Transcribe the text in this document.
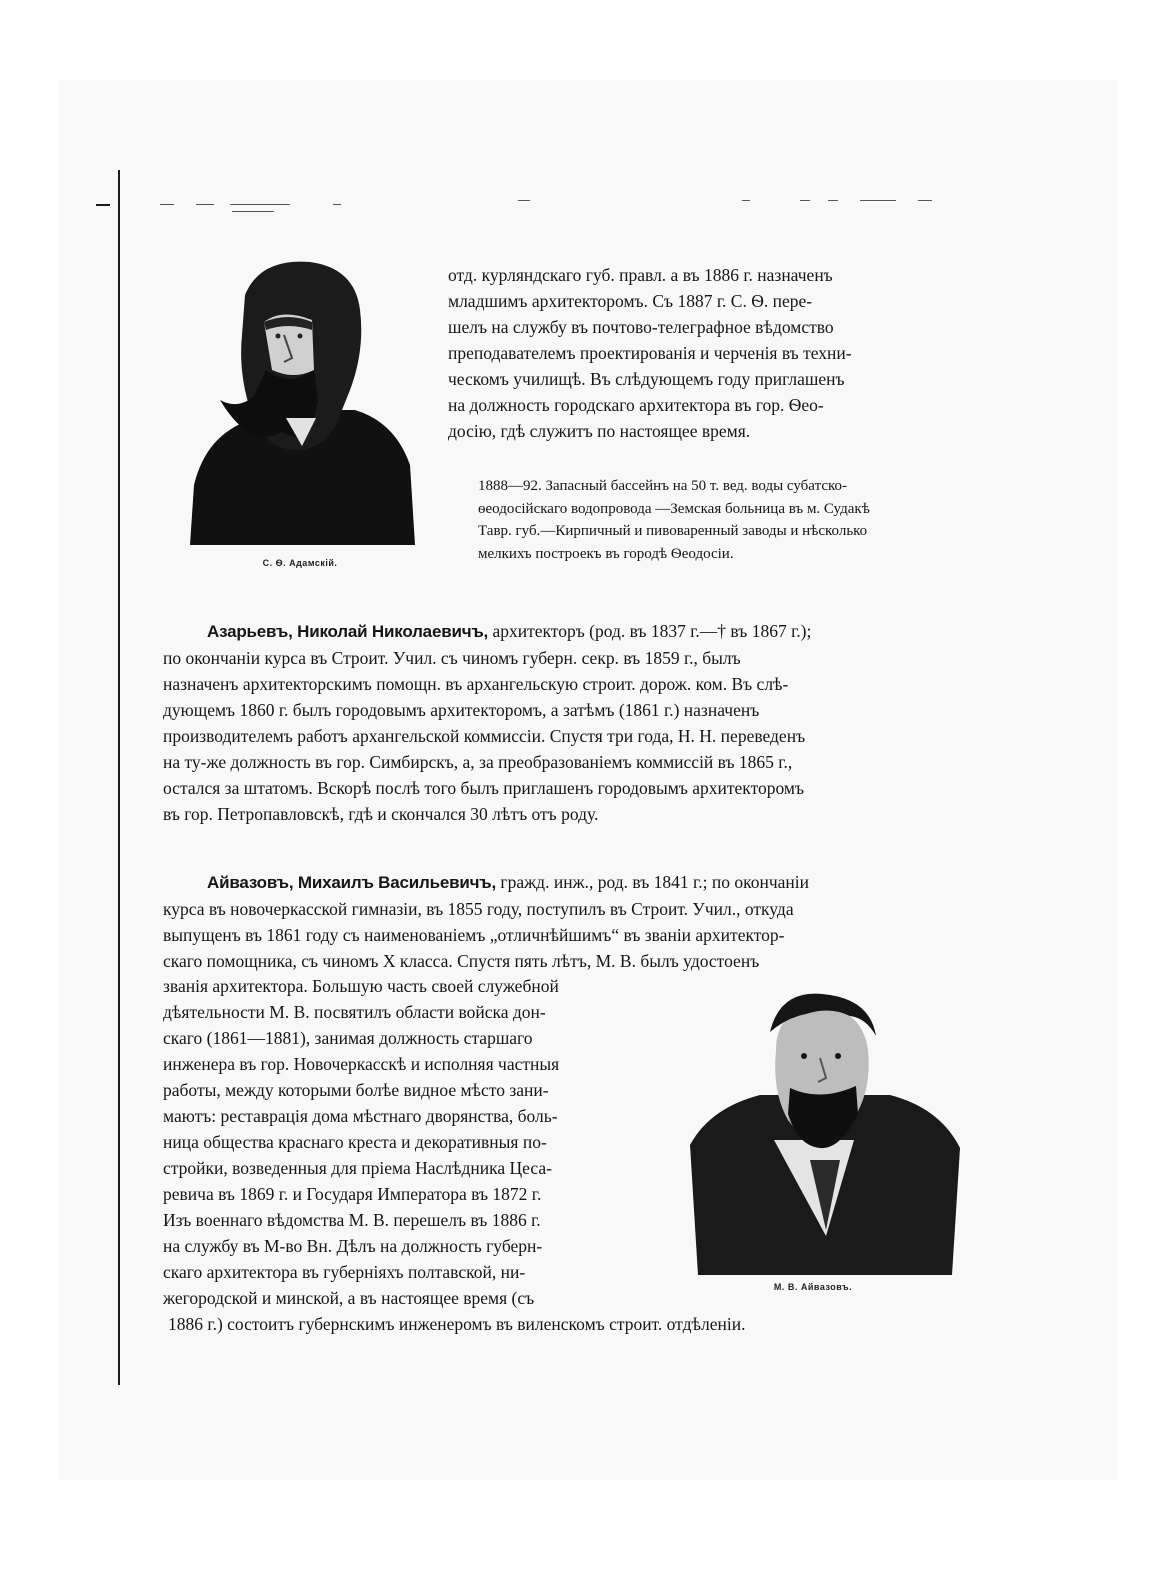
С. Ѳ. Адамскій.
отд. курляндскаго губ. правл. а въ 1886 г. назначенъ
младшимъ архитекторомъ. Съ 1887 г. С. Ѳ. пере-
шелъ на службу въ почтово-телеграфное вѣдомство
преподавателемъ проектированія и черченія въ техни-
ческомъ училищѣ. Въ слѣдующемъ году приглашенъ
на должность городскаго архитектора въ гор. Ѳео-
досію, гдѣ служитъ по настоящее время.
1888—92. Запасный бассейнъ на 50 т. вед. воды субатско-
ѳеодосійскаго водопровода —Земская больница въ м. Судакѣ
Тавр. губ.—Кирпичный и пивоваренный заводы и нѣсколько
мелкихъ построекъ въ городѣ Ѳеодосіи.
Азарьевъ, Николай Николаевичъ, архитекторъ (род. въ 1837 г.—† въ 1867 г.);
по окончаніи курса въ Строит. Учил. съ чиномъ губерн. секр. въ 1859 г., былъ
назначенъ архитекторскимъ помощн. въ архангельскую строит. дорож. ком. Въ слѣ-
дующемъ 1860 г. былъ городовымъ архитекторомъ, а затѣмъ (1861 г.) назначенъ
производителемъ работъ архангельской коммиссіи. Спустя три года, Н. Н. переведенъ
на ту-же должность въ гор. Симбирскъ, а, за преобразованіемъ коммиссій въ 1865 г.,
остался за штатомъ. Вскорѣ послѣ того былъ приглашенъ городовымъ архитекторомъ
въ гор. Петропавловскѣ, гдѣ и скончался 30 лѣтъ отъ роду.
Айвазовъ, Михаилъ Васильевичъ, гражд. инж., род. въ 1841 г.; по окончаніи
курса въ новочеркасской гимназіи, въ 1855 году, поступилъ въ Строит. Учил., откуда
выпущенъ въ 1861 году съ наименованіемъ „отличнѣйшимъ“ въ званіи архитектор-
скаго помощника, съ чиномъ X класса. Спустя пять лѣтъ, М. В. былъ удостоенъ
званія архитектора. Большую часть своей служебной
дѣятельности М. В. посвятилъ области войска дон-
скаго (1861—1881), занимая должность старшаго
инженера въ гор. Новочеркасскѣ и исполняя частныя
работы, между которыми болѣе видное мѣсто зани-
маютъ: реставрація дома мѣстнаго дворянства, боль-
ница общества краснаго креста и декоративныя по-
стройки, возведенныя для пріема Наслѣдника Цеса-
ревича въ 1869 г. и Государя Императора въ 1872 г.
Изъ военнаго вѣдомства М. В. перешелъ въ 1886 г.
на службу въ М-во Вн. Дѣлъ на должность губерн-
скаго архитектора въ губерніяхъ полтавской, ни-
жегородской и минской, а въ настоящее время (съ
1886 г.) состоитъ губернскимъ инженеромъ въ виленскомъ строит. отдѣленіи.
М. В. Айвазовъ.
